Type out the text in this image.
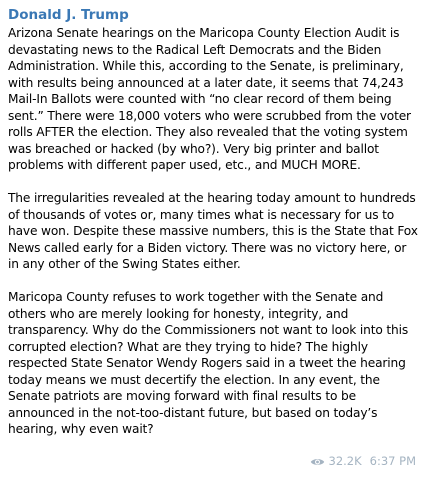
Donald J. Trump

Arizona Senate hearings on the Maricopa County Election Audit is devastating news to the Radical Left Democrats and the Biden Administration. While this, according to the Senate, is preliminary, with results being announced at a later date, it seems that 74,243 Mail-In Ballots were counted with “no clear record of them being sent.” There were 18,000 voters who were scrubbed from the voter rolls AFTER the election. They also revealed that the voting system was breached or hacked (by who?). Very big printer and ballot problems with different paper used, etc., and MUCH MORE.

The irregularities revealed at the hearing today amount to hundreds of thousands of votes or, many times what is necessary for us to have won. Despite these massive numbers, this is the State that Fox News called early for a Biden victory. There was no victory here, or in any other of the Swing States either.

Maricopa County refuses to work together with the Senate and others who are merely looking for honesty, integrity, and transparency. Why do the Commissioners not want to look into this corrupted election? What are they trying to hide? The highly respected State Senator Wendy Rogers said in a tweet the hearing today means we must decertify the election. In any event, the Senate patriots are moving forward with final results to be announced in the not-too-distant future, but based on today’s hearing, why even wait?

32.2K 6:37 PM
